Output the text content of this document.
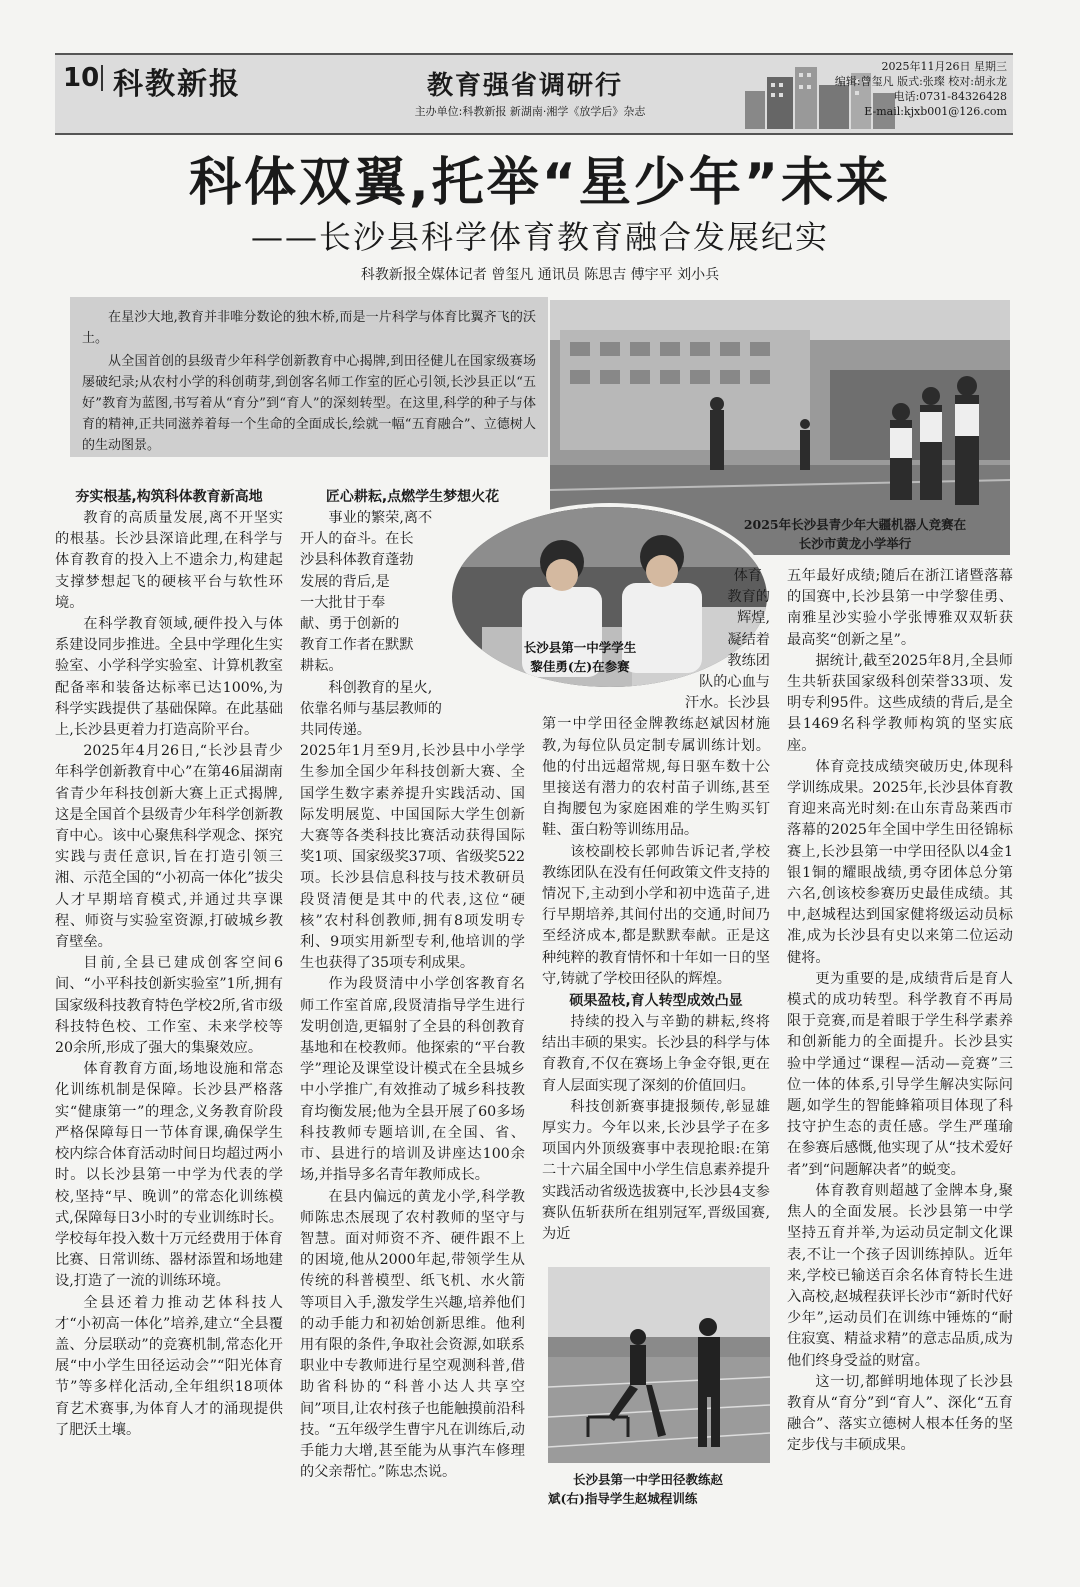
10 科教新报	教育强省调研行
主办单位:科教新报 新湖南·湘学《放学后》杂志
2025年11月26日 星期三
编辑:曾玺凡 版式:张璨 校对:胡永龙
电话:0731-84326428
E-mail:kjxb001@126.com
科体双翼,托举“星少年”未来
——长沙县科学体育教育融合发展纪实
科教新报全媒体记者 曾玺凡 通讯员 陈思吉 傅宇平 刘小兵

在星沙大地,教育并非唯分数论的独木桥,而是一片科学与体育比翼齐飞的沃土。

从全国首创的县级青少年科学创新教育中心揭牌,到田径健儿在国家级赛场屡破纪录;从农村小学的科创萌芽,到创客名师工作室的匠心引领,长沙县正以“五好”教育为蓝图,书写着从“育分”到“育人”的深刻转型。在这里,科学的种子与体育的精神,正共同滋养着每一个生命的全面成长,绘就一幅“五育融合”、立德树人的生动图景。

2025年长沙县青少年大疆机器人竞赛在
长沙市黄龙小学举行
夯实根基,构筑科体教育新高地

教育的高质量发展,离不开坚实的根基。长沙县深谙此理,在科学与体育教育的投入上不遗余力,构建起支撑梦想起飞的硬核平台与软性环境。

在科学教育领域,硬件投入与体系建设同步推进。全县中学理化生实验室、小学科学实验室、计算机教室配备率和装备达标率已达100%,为科学实践提供了基础保障。在此基础上,长沙县更着力打造高阶平台。

2025年4月26日,“长沙县青少年科学创新教育中心”在第46届湖南省青少年科技创新大赛上正式揭牌,这是全国首个县级青少年科学创新教育中心。该中心聚焦科学观念、探究实践与责任意识,旨在打造引领三湘、示范全国的“小初高一体化”拔尖人才早期培育模式,并通过共享课程、师资与实验室资源,打破城乡教育壁垒。

目前,全县已建成创客空间6间、“小平科技创新实验室”1所,拥有国家级科技教育特色学校2所,省市级科技特色校、工作室、未来学校等20余所,形成了强大的集聚效应。

体育教育方面,场地设施和常态化训练机制是保障。长沙县严格落实“健康第一”的理念,义务教育阶段严格保障每日一节体育课,确保学生校内综合体育活动时间日均超过两小时。以长沙县第一中学为代表的学校,坚持“早、晚训”的常态化训练模式,保障每日3小时的专业训练时长。学校每年投入数十万元经费用于体育比赛、日常训练、器材添置和场地建设,打造了一流的训练环境。

全县还着力推动艺体科技人才“小初高一体化”培养,建立“全县覆盖、分层联动”的竞赛机制,常态化开展“中小学生田径运动会”“阳光体育节”等多样化活动,全年组织18项体育艺术赛事,为体育人才的涌现提供了肥沃土壤。

匠心耕耘,点燃学生梦想火花
事业的繁荣,离不
开人的奋斗。在长
沙县科体教育蓬勃
发展的背后,是
一大批甘于奉
献、勇于创新的
教育工作者在默默
耕耘。
科创教育的星火,
依靠名师与基层教师的
共同传递。
2025年1月至9月,长沙县中小学学生参加全国少年科技创新大赛、全国学生数字素养提升实践活动、国际发明展览、中国国际大学生创新大赛等各类科技比赛活动获得国际奖1项、国家级奖37项、省级奖522项。长沙县信息科技与技术教研员段贤清便是其中的代表,这位“硬核”农村科创教师,拥有8项发明专利、9项实用新型专利,他培训的学生也获得了35项专利成果。

作为段贤清中小学创客教育名师工作室首席,段贤清指导学生进行发明创造,更辐射了全县的科创教育基地和在校教师。他探索的“平台教学”理论及课堂设计模式在全县城乡中小学推广,有效推动了城乡科技教育均衡发展;他为全县开展了60多场科技教师专题培训,在全国、省、市、县进行的培训及讲座达100余场,并指导多名青年教师成长。

在县内偏远的黄龙小学,科学教师陈忠杰展现了农村教师的坚守与智慧。面对师资不齐、硬件跟不上的困境,他从2000年起,带领学生从传统的科普模型、纸飞机、水火箭等项目入手,激发学生兴趣,培养他们的动手能力和初始创新思维。他利用有限的条件,争取社会资源,如联系职业中专教师进行星空观测科普,借助省科协的“科普小达人共享空间”项目,让农村孩子也能触摸前沿科技。“五年级学生曹宇凡在训练后,动手能力大增,甚至能为从事汽车修理的父亲帮忙。”陈忠杰说。

长沙县第一中学学生
黎佳勇(左)在参赛
体育
教育的
辉煌,
凝结着
教练团
队的心血与
汗水。长沙县
第一中学田径金牌教练赵斌因材施教,为每位队员定制专属训练计划。他的付出远超常规,每日驱车数十公里接送有潜力的农村苗子训练,甚至自掏腰包为家庭困难的学生购买钉鞋、蛋白粉等训练用品。

该校副校长郭帅告诉记者,学校教练团队在没有任何政策文件支持的情况下,主动到小学和初中选苗子,进行早期培养,其间付出的交通,时间乃至经济成本,都是默默奉献。正是这种纯粹的教育情怀和十年如一日的坚守,铸就了学校田径队的辉煌。

硕果盈枝,育人转型成效凸显

持续的投入与辛勤的耕耘,终将结出丰硕的果实。长沙县的科学与体育教育,不仅在赛场上争金夺银,更在育人层面实现了深刻的价值回归。

科技创新赛事捷报频传,彰显雄厚实力。今年以来,长沙县学子在多项国内外顶级赛事中表现抢眼:在第二十六届全国中小学生信息素养提升实践活动省级选拔赛中,长沙县4支参赛队伍斩获所在组别冠军,晋级国赛,为近

长沙县第一中学田径教练赵
斌(右)指导学生赵城程训练
五年最好成绩;随后在浙江诸暨落幕的国赛中,长沙县第一中学黎佳勇、南雅星沙实验小学张博雅双双斩获最高奖“创新之星”。

据统计,截至2025年8月,全县师生共斩获国家级科创荣誉33项、发明专利95件。这些成绩的背后,是全县1469名科学教师构筑的坚实底座。

体育竞技成绩突破历史,体现科学训练成果。2025年,长沙县体育教育迎来高光时刻:在山东青岛莱西市落幕的2025年全国中学生田径锦标赛上,长沙县第一中学田径队以4金1银1铜的耀眼战绩,勇夺团体总分第六名,创该校参赛历史最佳成绩。其中,赵城程达到国家健将级运动员标准,成为长沙县有史以来第二位运动健将。

更为重要的是,成绩背后是育人模式的成功转型。科学教育不再局限于竞赛,而是着眼于学生科学素养和创新能力的全面提升。长沙县实验中学通过“课程—活动—竞赛”三位一体的体系,引导学生解决实际问题,如学生的智能蜂箱项目体现了科技守护生态的责任感。学生严瑾瑜在参赛后感慨,他实现了从“技术爱好者”到“问题解决者”的蜕变。

体育教育则超越了金牌本身,聚焦人的全面发展。长沙县第一中学坚持五育并举,为运动员定制文化课表,不让一个孩子因训练掉队。近年来,学校已输送百余名体育特长生进入高校,赵城程获评长沙市“新时代好少年”,运动员们在训练中锤炼的“耐住寂寞、精益求精”的意志品质,成为他们终身受益的财富。

这一切,都鲜明地体现了长沙县教育从“育分”到“育人”、深化“五育融合”、落实立德树人根本任务的坚定步伐与丰硕成果。
